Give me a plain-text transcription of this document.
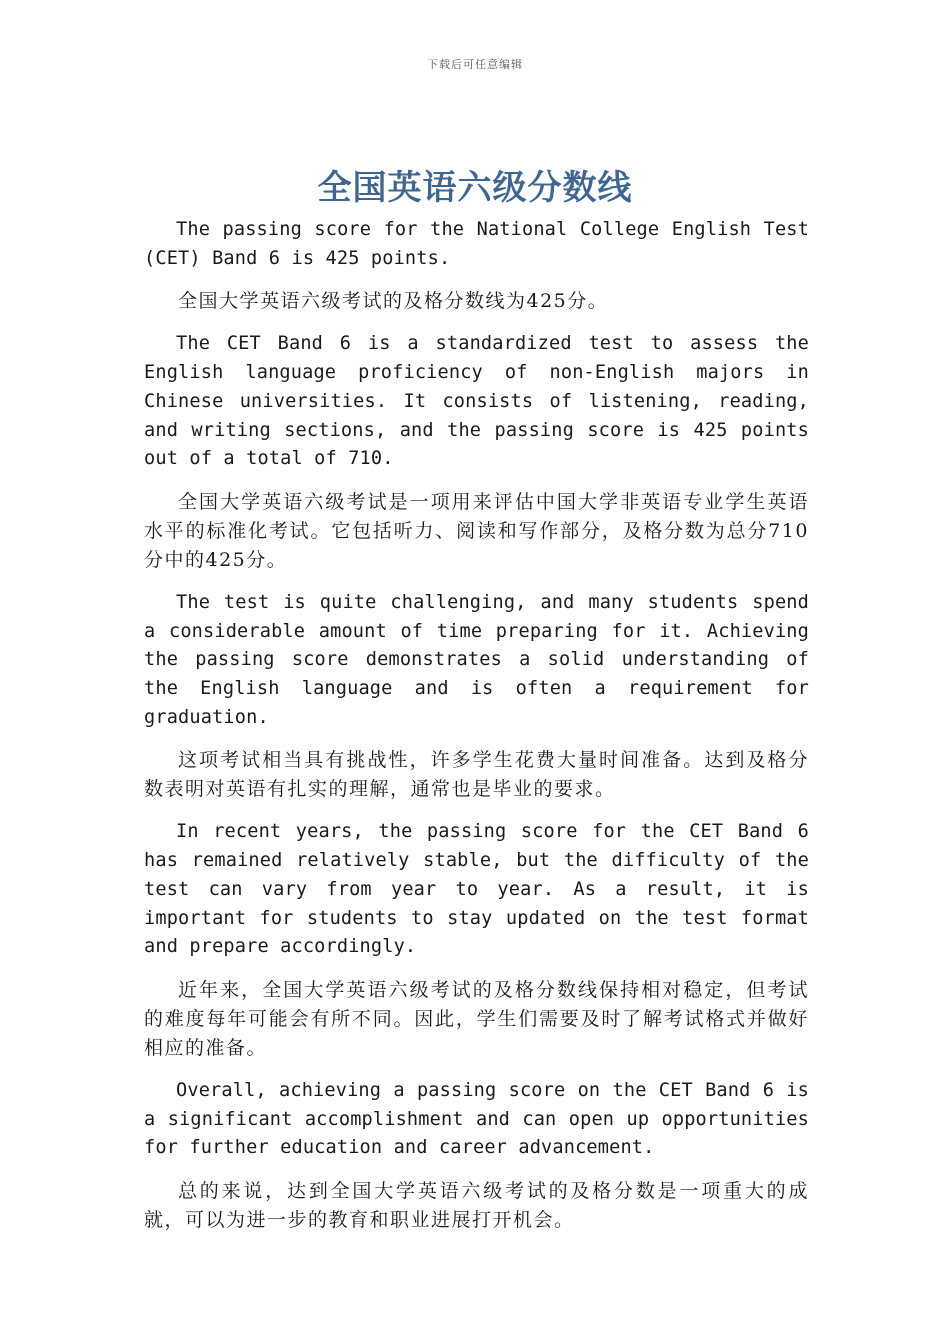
下载后可任意编辑
全国英语六级分数线

The passing score for the National College English Test (CET) Band 6 is 425 points.

全国大学英语六级考试的及格分数线为425分。

The CET Band 6 is a standardized test to assess the English language proficiency of non-English majors in Chinese universities. It consists of listening, reading, and writing sections, and the passing score is 425 points out of a total of 710.

全国大学英语六级考试是一项用来评估中国大学非英语专业学生英语水平的标准化考试。它包括听力、阅读和写作部分，及格分数为总分710分中的425分。

The test is quite challenging, and many students spend a considerable amount of time preparing for it. Achieving the passing score demonstrates a solid understanding of the English language and is often a requirement for graduation.

这项考试相当具有挑战性，许多学生花费大量时间准备。达到及格分数表明对英语有扎实的理解，通常也是毕业的要求。

In recent years, the passing score for the CET Band 6 has remained relatively stable, but the difficulty of the test can vary from year to year. As a result, it is important for students to stay updated on the test format and prepare accordingly.

近年来，全国大学英语六级考试的及格分数线保持相对稳定，但考试的难度每年可能会有所不同。因此，学生们需要及时了解考试格式并做好相应的准备。

Overall, achieving a passing score on the CET Band 6 is a significant accomplishment and can open up opportunities for further education and career advancement.

总的来说，达到全国大学英语六级考试的及格分数是一项重大的成就，可以为进一步的教育和职业进展打开机会。
